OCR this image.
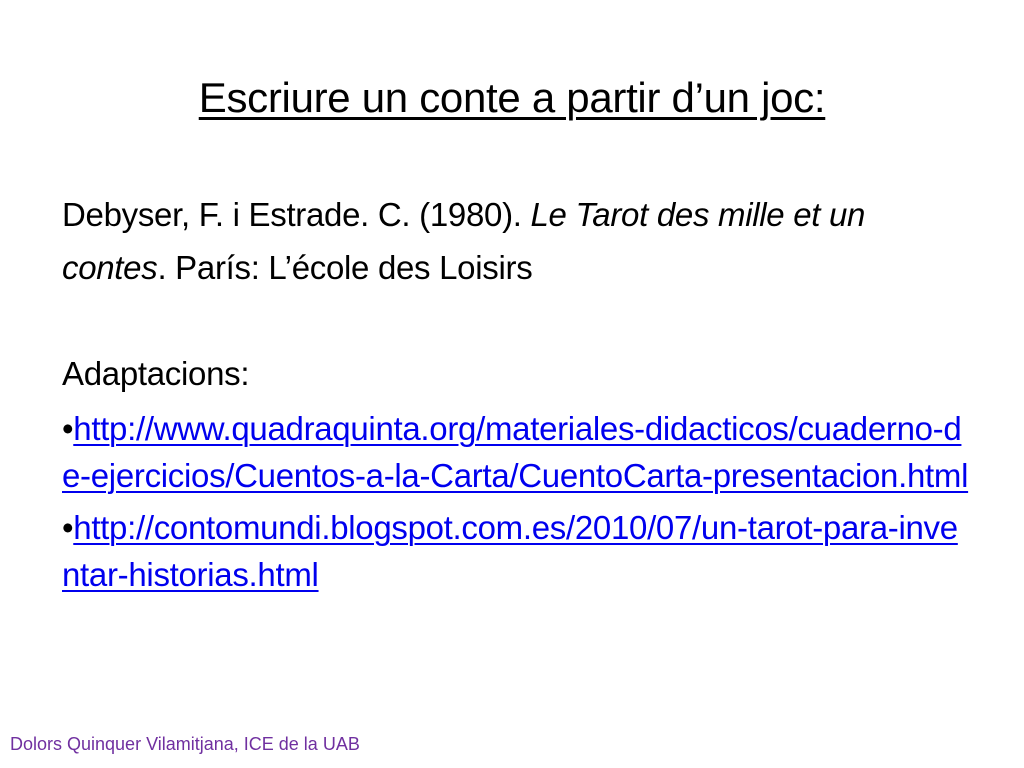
Escriure un conte a partir d’un joc:

Debyser, F. i Estrade. C. (1980). Le Tarot des mille et un contes. París: L’école des Loisirs

Adaptacions:

•http://www.quadraquinta.org/materiales-didacticos/cuaderno-de-ejercicios/Cuentos-a-la-Carta/CuentoCarta-presentacion.html
•http://contomundi.blogspot.com.es/2010/07/un-tarot-para-inventar-historias.html
Dolors Quinquer Vilamitjana, ICE de la UAB
